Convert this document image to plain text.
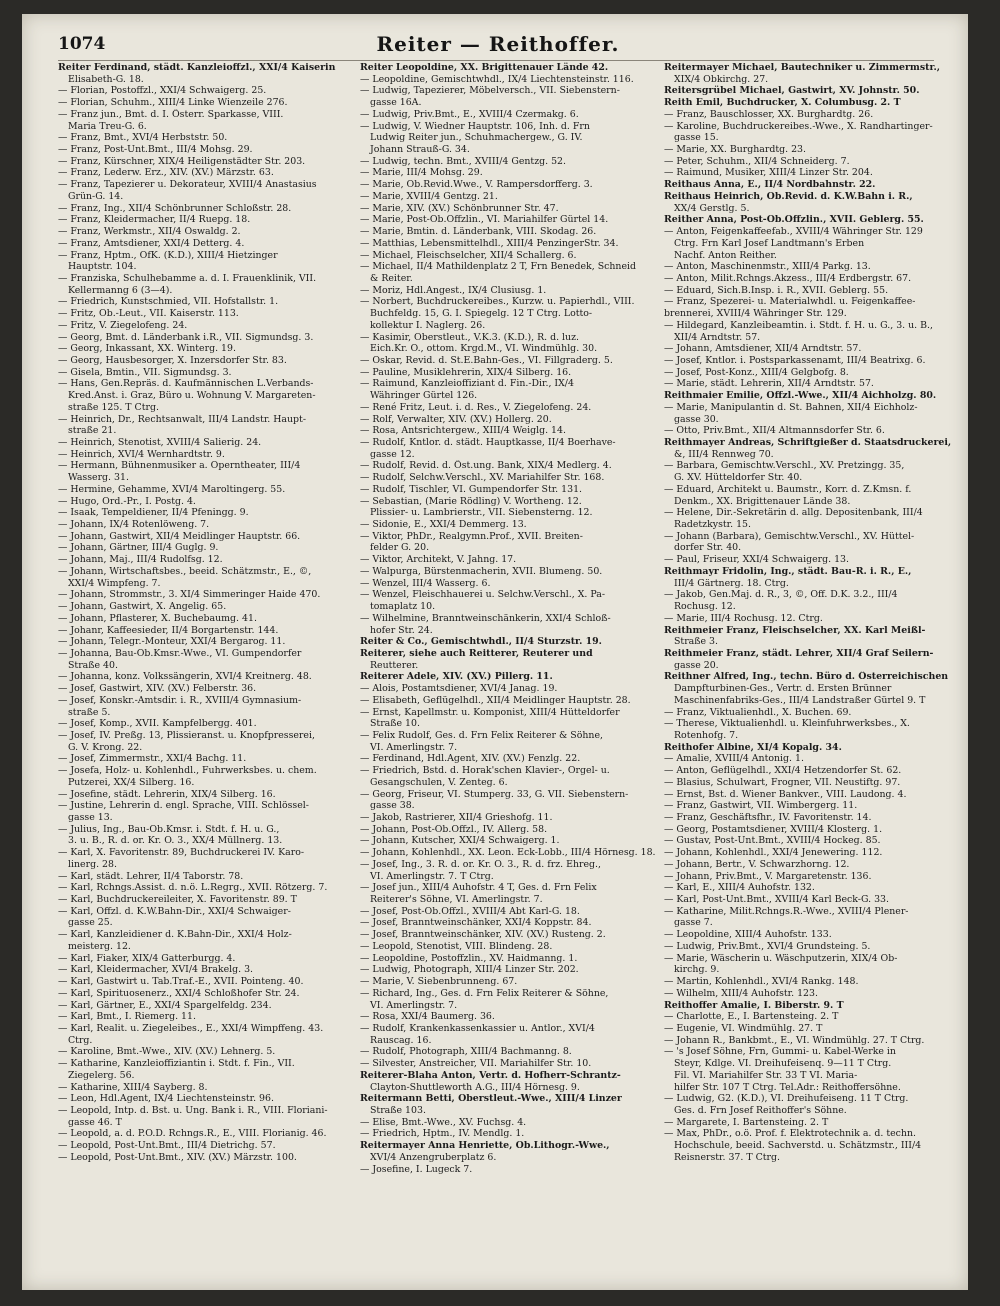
1074	Reiter — Reithoffer.
Reiter Ferdinand, städt. Kanzleioffzl., XXI/4 Kaiserin
Elisabeth-G. 18.
— Florian, Postoffzl., XXI/4 Schwaigerg. 25.
— Florian, Schuhm., XIII/4 Linke Wienzeile 276.
— Franz jun., Bmt. d. I. Österr. Sparkasse, VIII.
Maria Treu-G. 6.
— Franz, Bmt., XVI/4 Herbststr. 50.
— Franz, Post-Unt.Bmt., III/4 Mohsg. 29.
— Franz, Kürschner, XIX/4 Heiligenstädter Str. 203.
— Franz, Lederw. Erz., XIV. (XV.) Märzstr. 63.
— Franz, Tapezierer u. Dekorateur, XVIII/4 Anastasius
Grün-G. 14.
— Franz, Ing., XII/4 Schönbrunner Schloßstr. 28.
— Franz, Kleidermacher, II/4 Ruepg. 18.
— Franz, Werkmstr., XII/4 Oswaldg. 2.
— Franz, Amtsdiener, XXI/4 Detterg. 4.
— Franz, Hptm., OfK. (K.D.), XIII/4 Hietzinger
Hauptstr. 104.
— Franziska, Schulhebamme a. d. I. Frauenklinik, VII.
Kellermanng 6 (3—4).
— Friedrich, Kunstschmied, VII. Hofstallstr. 1.
— Fritz, Ob.-Leut., VII. Kaiserstr. 113.
— Fritz, V. Ziegelofeng. 24.
— Georg, Bmt. d. Länderbank i.R., VII. Sigmundsg. 3.
— Georg, Inkassant, XX. Winterg. 19.
— Georg, Hausbesorger, X. Inzersdorfer Str. 83.
— Gisela, Bmtin., VII. Sigmundsg. 3.
— Hans, Gen.Repräs. d. Kaufmännischen L.Verbands-
Kred.Anst. i. Graz, Büro u. Wohnung V. Margareten-
straße 125. T Ctrg.
— Heinrich, Dr., Rechtsanwalt, III/4 Landstr. Haupt-
straße 21.
— Heinrich, Stenotist, XVIII/4 Salierig. 24.
— Heinrich, XVI/4 Wernhardtstr. 9.
— Hermann, Bühnenmusiker a. Operntheater, III/4
Wasserg. 31.
— Hermine, Gehamme, XVI/4 Maroltingerg. 55.
— Hugo, Ord.-Pr., I. Postg. 4.
— Isaak, Tempeldiener, II/4 Pfeningg. 9.
— Johann, IX/4 Rotenlöweng. 7.
— Johann, Gastwirt, XII/4 Meidlinger Hauptstr. 66.
— Johann, Gärtner, III/4 Guglg. 9.
— Johann, Maj., III/4 Rudolfsg. 12.
— Johann, Wirtschaftsbes., beeid. Schätzmstr., E., ©,
XXI/4 Wimpfeng. 7.
— Johann, Strommstr., 3. XI/4 Simmeringer Haide 470.
— Johann, Gastwirt, X. Angelig. 65.
— Johann, Pflasterer, X. Buchebaumg. 41.
— Johanr, Kaffeesieder, II/4 Borgartenstr. 144.
— Johann, Telegr.-Monteur, XXI/4 Bergarog. 11.
— Johanna, Bau-Ob.Kmsr.-Wwe., VI. Gumpendorfer
Straße 40.
— Johanna, konz. Volkssängerin, XVI/4 Kreitnerg. 48.
— Josef, Gastwirt, XIV. (XV.) Felberstr. 36.
— Josef, Konskr.-Amtsdir. i. R., XVIII/4 Gymnasium-
straße 5.
— Josef, Komp., XVII. Kampfelbergg. 401.
— Josef, IV. Preßg. 13, Plissieranst. u. Knopfpresserei,
G. V. Krong. 22.
— Josef, Zimmermstr., XXI/4 Bachg. 11.
— Josefa, Holz- u. Kohlenhdl., Fuhrwerksbes. u. chem.
Putzerei, XX/4 Silberg. 16.
— Josefine, städt. Lehrerin, XIX/4 Silberg. 16.
— Justine, Lehrerin d. engl. Sprache, VIII. Schlössel-
gasse 13.
— Julius, Ing., Bau-Ob.Kmsr. i. Stdt. f. H. u. G.,
3. u. B., R. d. or. Kr. O. 3., XX/4 Müllnerg. 13.
— Karl, X. Favoritenstr. 89, Buchdruckerei IV. Karo-
linerg. 28.
— Karl, städt. Lehrer, II/4 Taborstr. 78.
— Karl, Rchngs.Assist. d. n.ö. L.Regrg., XVII. Rötzerg. 7.
— Karl, Buchdruckereileiter, X. Favoritenstr. 89. T
— Karl, Offzl. d. K.W.Bahn-Dir., XXI/4 Schwaiger-
gasse 25.
— Karl, Kanzleidiener d. K.Bahn-Dir., XXI/4 Holz-
meisterg. 12.
— Karl, Fiaker, XIX/4 Gatterburgg. 4.
— Karl, Kleidermacher, XVI/4 Brakelg. 3.
— Karl, Gastwirt u. Tab.Traf.-E., XVII. Pointeng. 40.
— Karl, Spirituosenerz., XXI/4 Schloßhofer Str. 24.
— Karl, Gärtner, E., XXI/4 Spargelfeldg. 234.
— Karl, Bmt., I. Riemerg. 11.
— Karl, Realit. u. Ziegeleibes., E., XXI/4 Wimpffeng. 43.
Ctrg.
— Karoline, Bmt.-Wwe., XIV. (XV.) Lehnerg. 5.
— Katharine, Kanzleioffiziantin i. Stdt. f. Fin., VII.
Ziegelerg. 56.
— Katharine, XIII/4 Sayberg. 8.
— Leon, Hdl.Agent, IX/4 Liechtensteinstr. 96.
— Leopold, Intp. d. Bst. u. Ung. Bank i. R., VIII. Floriani-
gasse 46. T
— Leopold, a. d. P.O.D. Rchngs.R., E., VIII. Florianig. 46.
— Leopold, Post-Unt.Bmt., III/4 Dietrichg. 57.
— Leopold, Post-Unt.Bmt., XIV. (XV.) Märzstr. 100.
Reiter Leopoldine, XX. Brigittenauer Lände 42.
— Leopoldine, Gemischtwhdl., IX/4 Liechtensteinstr. 116.
— Ludwig, Tapezierer, Möbelversch., VII. Siebenstern-
gasse 16A.
— Ludwig, Priv.Bmt., E., XVIII/4 Czermakg. 6.
— Ludwig, V. Wiedner Hauptstr. 106, Inh. d. Frn
Ludwig Reiter jun., Schuhmachergew., G. IV.
Johann Strauß-G. 34.
— Ludwig, techn. Bmt., XVIII/4 Gentzg. 52.
— Marie, III/4 Mohsg. 29.
— Marie, Ob.Revid.Wwe., V. Rampersdorfferg. 3.
— Marie, XVIII/4 Gentzg. 21.
— Marie, XIV. (XV.) Schönbrunner Str. 47.
— Marie, Post-Ob.Offzlin., VI. Mariahilfer Gürtel 14.
— Marie, Bmtin. d. Länderbank, VIII. Skodag. 26.
— Matthias, Lebensmittelhdl., XIII/4 PenzingerStr. 34.
— Michael, Fleischselcher, XII/4 Schallerg. 6.
— Michael, II/4 Mathildenplatz 2 T, Frn Benedek, Schneid
& Reiter.
— Moriz, Hdl.Angest., IX/4 Clusiusg. 1.
— Norbert, Buchdruckereibes., Kurzw. u. Papierhdl., VIII.
Buchfeldg. 15, G. I. Spiegelg. 12 T Ctrg. Lotto-
kollektur I. Naglerg. 26.
— Kasimir, Oberstleut., V.K.3. (K.D.), R. d. luz.
Eich.Kr. O., ottom. Krgd.M., VI. Windmühlg. 30.
— Oskar, Revid. d. St.E.Bahn-Ges., VI. Fillgraderg. 5.
— Pauline, Musiklehrerin, XIX/4 Silberg. 16.
— Raimund, Kanzleioffiziant d. Fin.-Dir., IX/4
Währinger Gürtel 126.
— René Fritz, Leut. i. d. Res., V. Ziegelofeng. 24.
— Rolf, Verwalter, XIV. (XV.) Hollerg. 20.
— Rosa, Antsrichtergew., XIII/4 Weiglg. 14.
— Rudolf, Kntlor. d. städt. Hauptkasse, II/4 Boerhave-
gasse 12.
— Rudolf, Revid. d. Öst.ung. Bank, XIX/4 Medlerg. 4.
— Rudolf, Selchw.Verschl., XV. Mariahilfer Str. 168.
— Rudolf, Tischler, VI. Gumpendorfer Str. 131.
— Sebastian, (Marie Rödling) V. Wortheng. 12.
Plissier- u. Lambrierstr., VII. Siebensterng. 12.
— Sidonie, E., XXI/4 Demmerg. 13.
— Viktor, PhDr., Realgymn.Prof., XVII. Breiten-
felder G. 20.
— Viktor, Architekt, V. Jahng. 17.
— Walpurga, Bürstenmacherin, XVII. Blumeng. 50.
— Wenzel, III/4 Wasserg. 6.
— Wenzel, Fleischhauerei u. Selchw.Verschl., X. Pa-
tomaplatz 10.
— Wilhelmine, Branntweinschänkerin, XXI/4 Schloß-
hofer Str. 24.
Reiter & Co., Gemischtwhdl., II/4 Sturzstr. 19.
Reiterer, siehe auch Reitterer, Reuterer und
Reutterer.
Reiterer Adele, XIV. (XV.) Pillerg. 11.
— Alois, Postamtsdiener, XVI/4 Janag. 19.
— Elisabeth, Geflügelhdl., XII/4 Meidlinger Hauptstr. 28.
— Ernst, Kapellmstr. u. Komponist, XIII/4 Hütteldorfer
Straße 10.
— Felix Rudolf, Ges. d. Frn Felix Reiterer & Söhne,
VI. Amerlingstr. 7.
— Ferdinand, Hdl.Agent, XIV. (XV.) Fenzlg. 22.
— Friedrich, Bstd. d. Horak'schen Klavier-, Orgel- u.
Gesangschulen, V. Zenteg. 6.
— Georg, Friseur, VI. Stumperg. 33, G. VII. Siebenstern-
gasse 38.
— Jakob, Rastrierer, XII/4 Grieshofg. 11.
— Johann, Post-Ob.Offzl., IV. Allerg. 58.
— Johann, Kutscher, XXI/4 Schwaigerg. 1.
— Johann, Kohlenhdl., XX. Leon. Eck-Lobb., III/4 Hörnesg. 18.
— Josef, Ing., 3. R. d. or. Kr. O. 3., R. d. frz. Ehreg.,
VI. Amerlingstr. 7. T Ctrg.
— Josef jun., XIII/4 Auhofstr. 4 T, Ges. d. Frn Felix
Reiterer's Söhne, VI. Amerlingstr. 7.
— Josef, Post-Ob.Offzl., XVIII/4 Abt Karl-G. 18.
— Josef, Branntweinschänker, XXI/4 Koppstr. 84.
— Josef, Branntweinschänker, XIV. (XV.) Rusteng. 2.
— Leopold, Stenotist, VIII. Blindeng. 28.
— Leopoldine, Postoffzlin., XV. Haidmanng. 1.
— Ludwig, Photograph, XIII/4 Linzer Str. 202.
— Marie, V. Siebenbrunneng. 67.
— Richard, Ing., Ges. d. Frn Felix Reiterer & Söhne,
VI. Amerlingstr. 7.
— Rosa, XXI/4 Baumerg. 36.
— Rudolf, Krankenkassenkassier u. Antlor., XVI/4
Rauscag. 16.
— Rudolf, Photograph, XIII/4 Bachmanng. 8.
— Silvester, Anstreicher, VII. Mariahilfer Str. 10.
Reiterer-Blaha Anton, Vertr. d. Hofherr-Schrantz-
Clayton-Shuttleworth A.G., III/4 Hörnesg. 9.
Reitermann Betti, Oberstleut.-Wwe., XIII/4 Linzer
Straße 103.
— Elise, Bmt.-Wwe., XV. Fuchsg. 4.
— Friedrich, Hptm., IV. Mendlg. 1.
Reitermayer Anna Henriette, Ob.Lithogr.-Wwe.,
XVI/4 Anzengruberplatz 6.
— Josefine, I. Lugeck 7.
Reitermayer Michael, Bautechniker u. Zimmermstr.,
XIX/4 Obkirchg. 27.
Reitersgrübel Michael, Gastwirt, XV. Johnstr. 50.
Reith Emil, Buchdrucker, X. Columbusg. 2. T
— Franz, Bauschlosser, XX. Burghardtg. 26.
— Karoline, Buchdruckereibes.-Wwe., X. Randhartinger-
gasse 15.
— Marie, XX. Burghardtg. 23.
— Peter, Schuhm., XII/4 Schneiderg. 7.
— Raimund, Musiker, XIII/4 Linzer Str. 204.
Reithaus Anna, E., II/4 Nordbahnstr. 22.
Reithaus Heinrich, Ob.Revid. d. K.W.Bahn i. R.,
XX/4 Gerstlg. 5.
Reither Anna, Post-Ob.Offzlin., XVII. Geblerg. 55.
— Anton, Feigenkaffeefab., XVIII/4 Währinger Str. 129
Ctrg. Frn Karl Josef Landtmann's Erben
Nachf. Anton Reither.
— Anton, Maschinenmstr., XIII/4 Parkg. 13.
— Anton, Milit.Rchngs.Akzess., III/4 Erdbergstr. 67.
— Eduard, Sich.B.Insp. i. R., XVII. Geblerg. 55.
— Franz, Spezerei- u. Materialwhdl. u. Feigenkaffee-
brennerei, XVIII/4 Währinger Str. 129.
— Hildegard, Kanzleibeamtin. i. Stdt. f. H. u. G., 3. u. B.,
XII/4 Arndtstr. 57.
— Johann, Amtsdiener, XII/4 Arndtstr. 57.
— Josef, Kntlor. i. Postsparkassenamt, III/4 Beatrixg. 6.
— Josef, Post-Konz., XIII/4 Gelgbofg. 8.
— Marie, städt. Lehrerin, XII/4 Arndtstr. 57.
Reithmaier Emilie, Offzl.-Wwe., XII/4 Aichholzg. 80.
— Marie, Manipulantin d. St. Bahnen, XII/4 Eichholz-
gasse 30.
— Otto, Priv.Bmt., XII/4 Altmannsdorfer Str. 6.
Reithmayer Andreas, Schriftgießer d. Staatsdruckerei,
&, III/4 Rennweg 70.
— Barbara, Gemischtw.Verschl., XV. Pretzingg. 35,
G. XV. Hütteldorfer Str. 40.
— Eduard, Architekt u. Baumstr., Korr. d. Z.Kmsn. f.
Denkm., XX. Brigittenauer Lände 38.
— Helene, Dir.-Sekretärin d. allg. Depositenbank, III/4
Radetzkystr. 15.
— Johann (Barbara), Gemischtw.Verschl., XV. Hüttel-
dorfer Str. 40.
— Paul, Friseur, XXI/4 Schwaigerg. 13.
Reithmayr Fridolin, Ing., städt. Bau-R. i. R., E.,
III/4 Gärtnerg. 18. Ctrg.
— Jakob, Gen.Maj. d. R., 3, ©, Off. D.K. 3.2., III/4
Rochusg. 12.
— Marie, III/4 Rochusg. 12. Ctrg.
Reithmeier Franz, Fleischselcher, XX. Karl Meißl-
Straße 3.
Reithmeier Franz, städt. Lehrer, XII/4 Graf Seilern-
gasse 20.
Reithner Alfred, Ing., techn. Büro d. Österreichischen
Dampfturbinen-Ges., Vertr. d. Ersten Brünner
Maschinenfabriks-Ges., III/4 Landstraßer Gürtel 9. T
— Franz, Viktualienhdl., X. Buchen. 69.
— Therese, Viktualienhdl. u. Kleinfuhrwerksbes., X.
Rotenhofg. 7.
Reithofer Albine, XI/4 Kopalg. 34.
— Amalie, XVIII/4 Antonig. 1.
— Anton, Geflügelhdl., XXI/4 Hetzendorfer St. 62.
— Blasius, Schulwart, Frogner, VII. Neustiftg. 97.
— Ernst, Bst. d. Wiener Bankver., VIII. Laudong. 4.
— Franz, Gastwirt, VII. Wimbergerg. 11.
— Franz, Geschäftsfhr., IV. Favoritenstr. 14.
— Georg, Postamtsdiener, XVIII/4 Klosterg. 1.
— Gustav, Post-Unt.Bmt., XVIII/4 Hockeg. 85.
— Johann, Kohlenhdl., XXI/4 Jenewering. 112.
— Johann, Bertr., V. Schwarzhorng. 12.
— Johann, Priv.Bmt., V. Margaretenstr. 136.
— Karl, E., XIII/4 Auhofstr. 132.
— Karl, Post-Unt.Bmt., XVIII/4 Karl Beck-G. 33.
— Katharine, Milit.Rchngs.R.-Wwe., XVIII/4 Plener-
gasse 7.
— Leopoldine, XIII/4 Auhofstr. 133.
— Ludwig, Priv.Bmt., XVI/4 Grundsteing. 5.
— Marie, Wäscherin u. Wäschputzerin, XIX/4 Ob-
kirchg. 9.
— Martin, Kohlenhdl., XVI/4 Rankg. 148.
— Wilhelm, XIII/4 Auhofstr. 123.
Reithoffer Amalie, I. Biberstr. 9. T
— Charlotte, E., I. Bartensteing. 2. T
— Eugenie, VI. Windmühlg. 27. T
— Johann R., Bankbmt., E., VI. Windmühlg. 27. T Ctrg.
— 's Josef Söhne, Frn, Gummi- u. Kabel-Werke in
Steyr, Kdlge. VI. Dreihufeisenq. 9—11 T Ctrg.
Fil. VI. Mariahilfer Str. 33 T VI. Maria-
hilfer Str. 107 T Ctrg. Tel.Adr.: Reithoffersöhne.
— Ludwig, G2. (K.D.), VI. Dreihufeiseng. 11 T Ctrg.
Ges. d. Frn Josef Reithoffer's Söhne.
— Margarete, I. Bartensteing. 2. T
— Max, PhDr., o.ö. Prof. f. Elektrotechnik a. d. techn.
Hochschule, beeid. Sachverstd. u. Schätzmstr., III/4
Reisnerstr. 37. T Ctrg.
